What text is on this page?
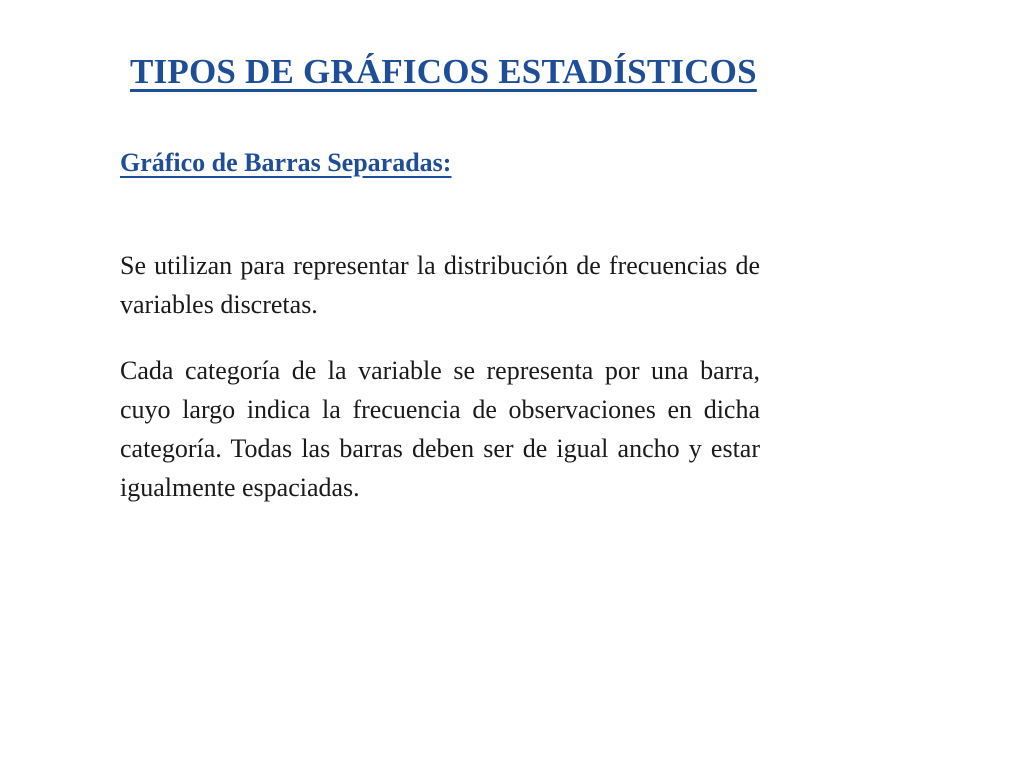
TIPOS DE GRÁFICOS ESTADÍSTICOS
Gráfico de Barras Separadas:

Se utilizan para representar la distribución de frecuencias de variables discretas.

Cada categoría de la variable se representa por una barra, cuyo largo indica la frecuencia de observaciones en dicha categoría. Todas las barras deben ser de igual ancho y estar igualmente espaciadas.
